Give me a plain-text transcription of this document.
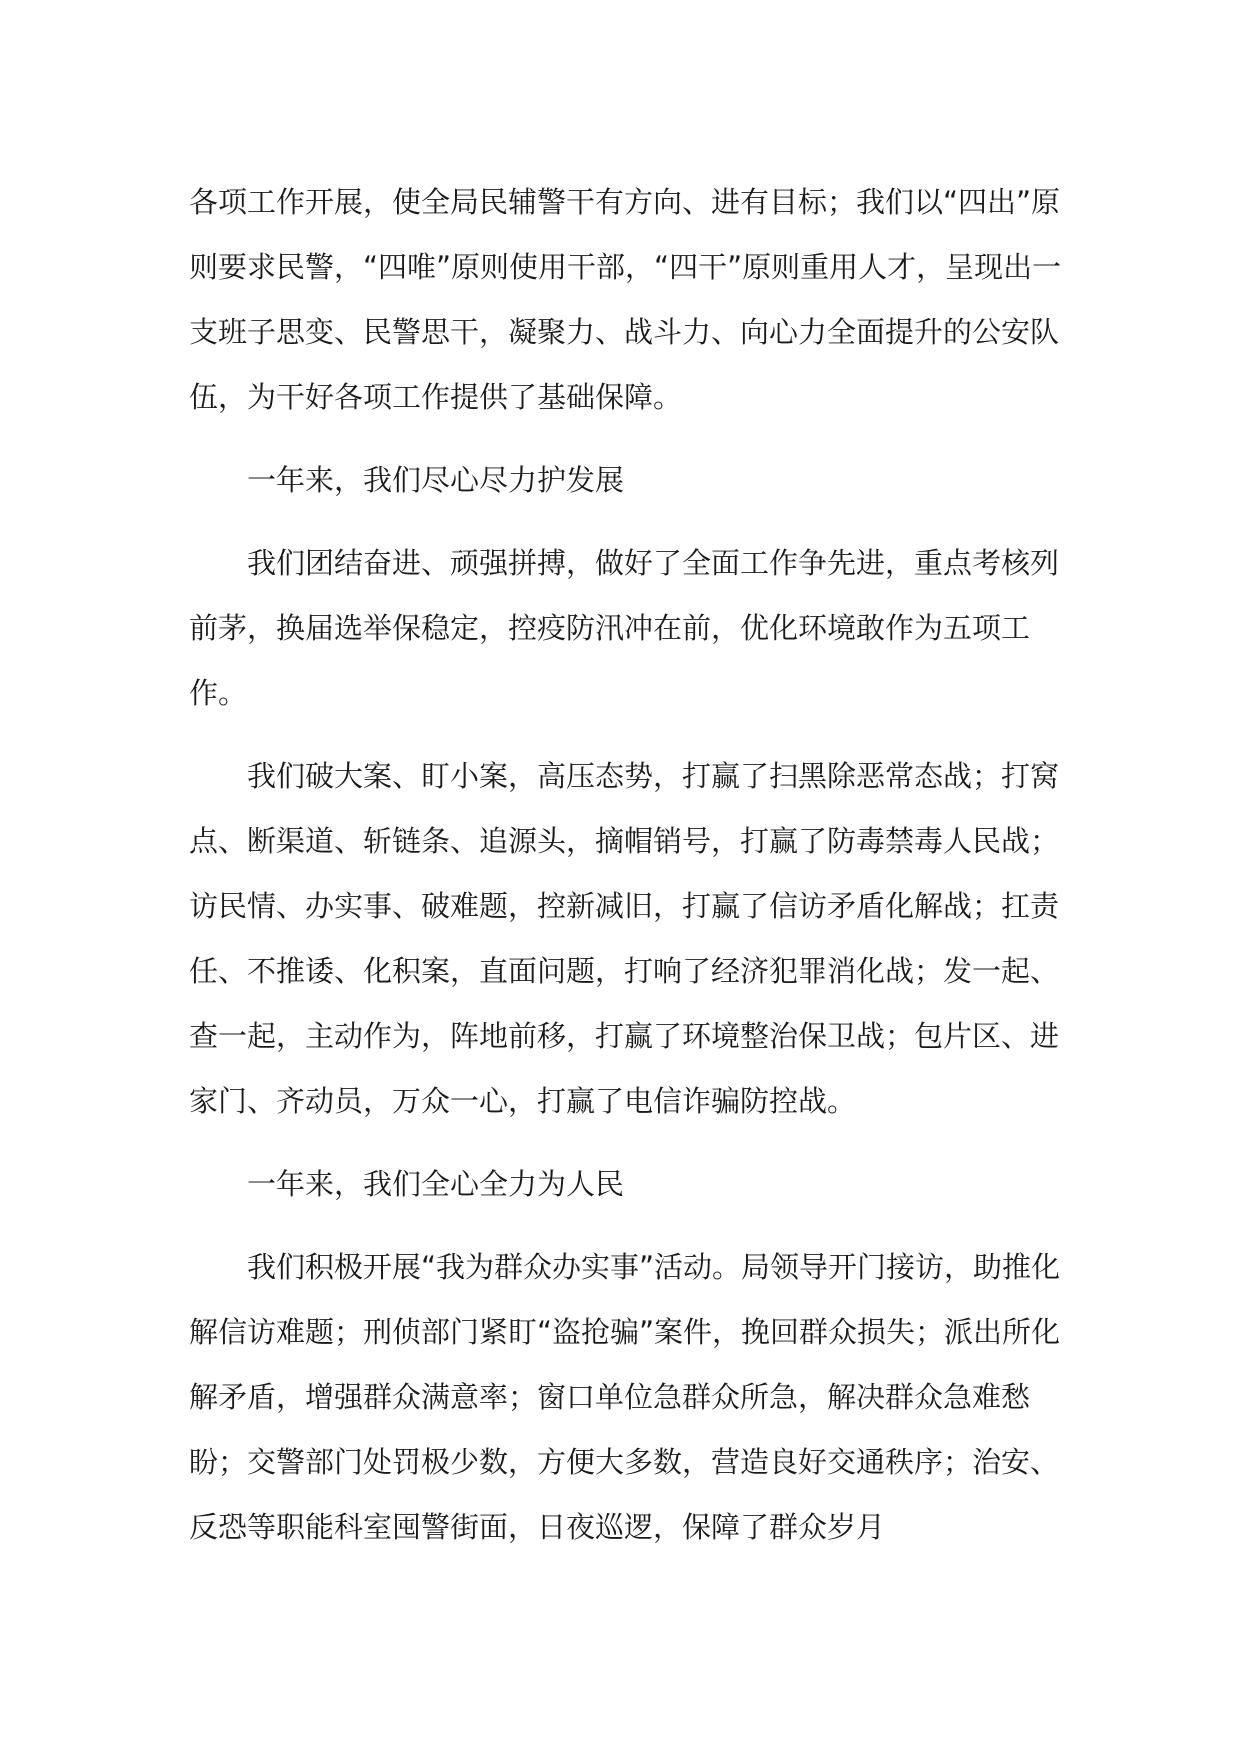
各项工作开展，使全局民辅警干有方向、进有目标；我们以“四出”原则要求民警，“四唯”原则使用干部，“四干”原则重用人才，呈现出一支班子思变、民警思干，凝聚力、战斗力、向心力全面提升的公安队伍，为干好各项工作提供了基础保障。

一年来，我们尽心尽力护发展

我们团结奋进、顽强拼搏，做好了全面工作争先进，重点考核列前茅，换届选举保稳定，控疫防汛冲在前，优化环境敢作为五项工作。

我们破大案、盯小案，高压态势，打赢了扫黑除恶常态战；打窝点、断渠道、斩链条、追源头，摘帽销号，打赢了防毒禁毒人民战；访民情、办实事、破难题，控新减旧，打赢了信访矛盾化解战；扛责任、不推诿、化积案，直面问题，打响了经济犯罪消化战；发一起、查一起，主动作为，阵地前移，打赢了环境整治保卫战；包片区、进家门、齐动员，万众一心，打赢了电信诈骗防控战。

一年来，我们全心全力为人民

我们积极开展“我为群众办实事”活动。局领导开门接访，助推化解信访难题；刑侦部门紧盯“盗抢骗”案件，挽回群众损失；派出所化解矛盾，增强群众满意率；窗口单位急群众所急，解决群众急难愁盼；交警部门处罚极少数，方便大多数，营造良好交通秩序；治安、反恐等职能科室囤警街面，日夜巡逻，保障了群众岁月
